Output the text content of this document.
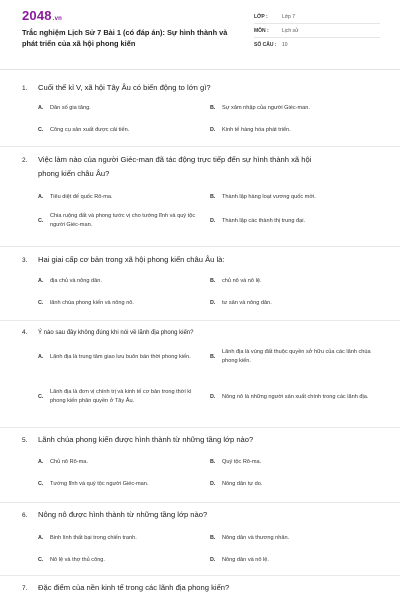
2048.vn
Trắc nghiệm Lịch Sử 7 Bài 1 (có đáp án): Sự hình thành và phát triển của xã hội phong kiến
LỚP :	Lớp 7
MÔN :	Lịch sử
SỐ CÂU :	10
1. Cuối thế kỉ V, xã hội Tây Âu có biến động to lớn gì?
A.	Dân số gia tăng.	B.	Sự xâm nhập của người Giéc-man.
C.	Công cụ sản xuất được cải tiến.	D.	Kinh tế hàng hóa phát triển.
2. Việc làm nào của người Giéc-man đã tác động trực tiếp đến sự hình thành xã hội
phong kiến châu Âu?
A.	Tiêu diệt đế quốc Rô-ma.	B.	Thành lập hàng loạt vương quốc mới.
C.
Chia ruộng đất và phong tước vị cho tướng lĩnh và quý tộc người Giéc-man.
D.	Thành lập các thành thị trung đại.
3. Hai giai cấp cơ bản trong xã hội phong kiến châu Âu là:
A.	địa chủ và nông dân.	B.	chủ nô và nô lệ.
C.	lãnh chúa phong kiến và nông nô.	D.	tư sản và nông dân.
4. Ý nào sau đây không đúng khi nói về lãnh địa phong kiến?
A.	Lãnh địa là trung tâm giao lưu buôn bán thời phong kiến.	B.
Lãnh địa là vùng đất thuộc quyền sở hữu của các lãnh chúa phong kiến.
C.
Lãnh địa là đơn vị chính trị và kinh tế cơ bản trong thời kì phong kiến phân quyền ở Tây Âu.
D.	Nông nô là những người sản xuất chính trong các lãnh địa.
5. Lãnh chúa phong kiến được hình thành từ những tầng lớp nào?
A.	Chủ nô Rô-ma.	B.	Quý tộc Rô-ma.
C.	Tướng lĩnh và quý tộc người Giéc-man.	D.	Nông dân tự do.
6. Nông nô được hình thành từ những tầng lớp nào?
A.	Binh lính thất bại trong chiến tranh.	B.	Nông dân và thương nhân.
C.	Nô lệ và thợ thủ công.	D.	Nông dân và nô lệ.
7. Đặc điểm của nền kinh tế trong các lãnh địa phong kiến?
